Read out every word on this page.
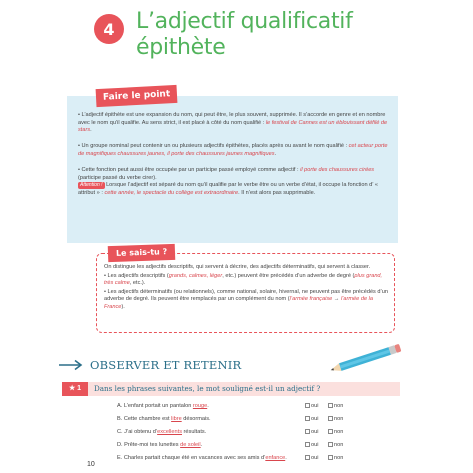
4 L’adjectif qualificatif épithète
Faire le point

• L’adjectif épithète est une expansion du nom, qui peut être, le plus souvent, supprimée. Il s’accorde en genre et en nombre avec le nom qu’il qualifie. Au sens strict, il est placé à côté du nom qualifié : le festival de Cannes est un éblouissant défilé de stars.

• Un groupe nominal peut contenir un ou plusieurs adjectifs épithètes, placés après ou avant le nom qualifié : cet acteur porte de magnifiques chaussures jaunes, il porte des chaussures jaunes magnifiques.

• Cette fonction peut aussi être occupée par un participe passé employé comme adjectif : il porte des chaussures cirées (participe passé du verbe cirer).
Attention ! Lorsque l’adjectif est séparé du nom qu’il qualifie par le verbe être ou un verbe d’état, il occupe la fonction d’ « attribut » : cette année, le spectacle du collège est extraordinaire. Il n’est alors pas supprimable.

Le sais-tu ?

On distingue les adjectifs descriptifs, qui servent à décrire, des adjectifs déterminatifs, qui servent à classer.

• Les adjectifs descriptifs (grands, calmes, léger, etc.) peuvent être précédés d’un adverbe de degré (plus grand, très calme, etc.).

• Les adjectifs déterminatifs (ou relationnels), comme national, solaire, hivernal, ne peuvent pas être précédés d’un adverbe de degré. Ils peuvent être remplacés par un complément du nom (l’armée française → l’armée de la France).

OBSERVER ET RETENIR
★ 1	Dans les phrases suivantes, le mot souligné est-il un adjectif ?
A. L’enfant portait un pantalon rouge.	oui	non
B. Cette chambre est libre désormais.	oui	non
C. J’ai obtenu d’excellents résultats.	oui	non
D. Prête-moi tes lunettes de soleil.	oui	non
E. Charles partait chaque été en vacances avec ses amis d’enfance.	oui	non
10
